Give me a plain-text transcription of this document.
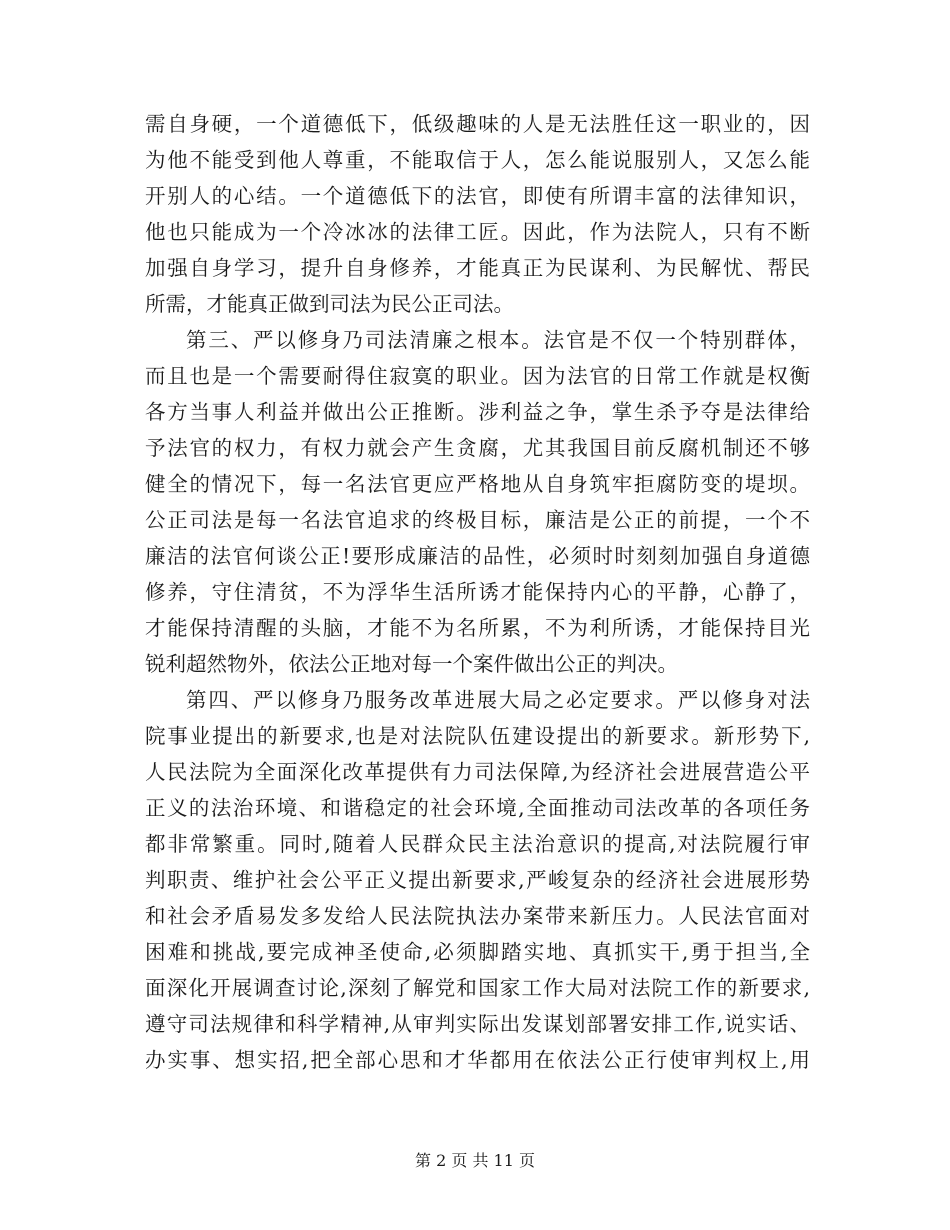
需自身硬，一个道德低下，低级趣味的人是无法胜任这一职业的，因
为他不能受到他人尊重，不能取信于人，怎么能说服别人，又怎么能
开别人的心结。一个道德低下的法官，即使有所谓丰富的法律知识，
他也只能成为一个冷冰冰的法律工匠。因此，作为法院人，只有不断
加强自身学习，提升自身修养，才能真正为民谋利、为民解忧、帮民
所需，才能真正做到司法为民公正司法。
第三、严以修身乃司法清廉之根本。法官是不仅一个特别群体，
而且也是一个需要耐得住寂寞的职业。因为法官的日常工作就是权衡
各方当事人利益并做出公正推断。涉利益之争，掌生杀予夺是法律给
予法官的权力，有权力就会产生贪腐，尤其我国目前反腐机制还不够
健全的情况下，每一名法官更应严格地从自身筑牢拒腐防变的堤坝。
公正司法是每一名法官追求的终极目标，廉洁是公正的前提，一个不
廉洁的法官何谈公正!要形成廉洁的品性，必须时时刻刻加强自身道德
修养，守住清贫，不为浮华生活所诱才能保持内心的平静，心静了，
才能保持清醒的头脑，才能不为名所累，不为利所诱，才能保持目光
锐利超然物外，依法公正地对每一个案件做出公正的判决。
第四、严以修身乃服务改革进展大局之必定要求。严以修身对法
院事业提出的新要求,也是对法院队伍建设提出的新要求。新形势下,
人民法院为全面深化改革提供有力司法保障,为经济社会进展营造公平
正义的法治环境、和谐稳定的社会环境,全面推动司法改革的各项任务
都非常繁重。同时,随着人民群众民主法治意识的提高,对法院履行审
判职责、维护社会公平正义提出新要求,严峻复杂的经济社会进展形势
和社会矛盾易发多发给人民法院执法办案带来新压力。人民法官面对
困难和挑战,要完成神圣使命,必须脚踏实地、真抓实干,勇于担当,全
面深化开展调查讨论,深刻了解党和国家工作大局对法院工作的新要求,
遵守司法规律和科学精神,从审判实际出发谋划部署安排工作,说实话、
办实事、想实招,把全部心思和才华都用在依法公正行使审判权上,用
第 2 页 共 11 页
